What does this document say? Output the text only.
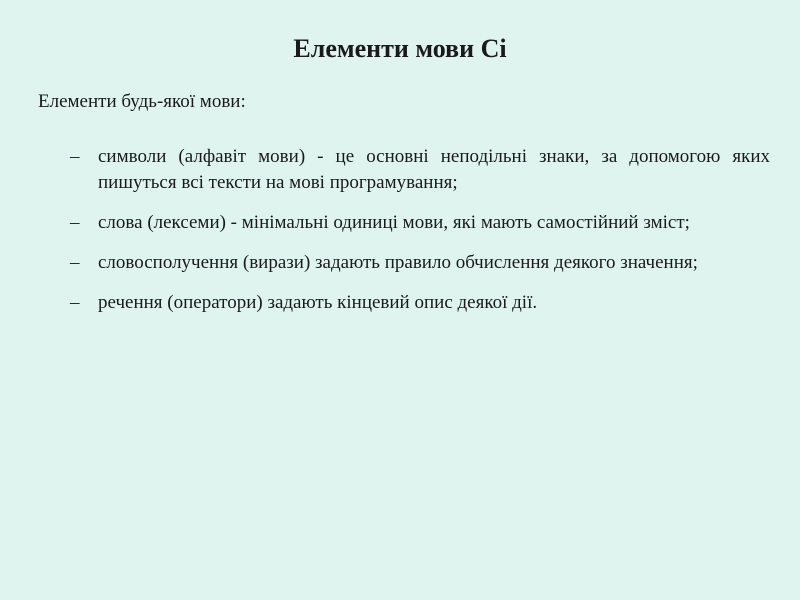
Елементи мови Сі
Елементи будь-якої мови:
– символи (алфавіт мови) - це основні неподільні знаки, за допомогою яких пишуться всі тексти на мові програмування;
– слова (лексеми) - мінімальні одиниці мови, які мають самостійний зміст;
– словосполучення (вирази) задають правило обчислення деякого значення;
– речення (оператори) задають кінцевий опис деякої дії.
